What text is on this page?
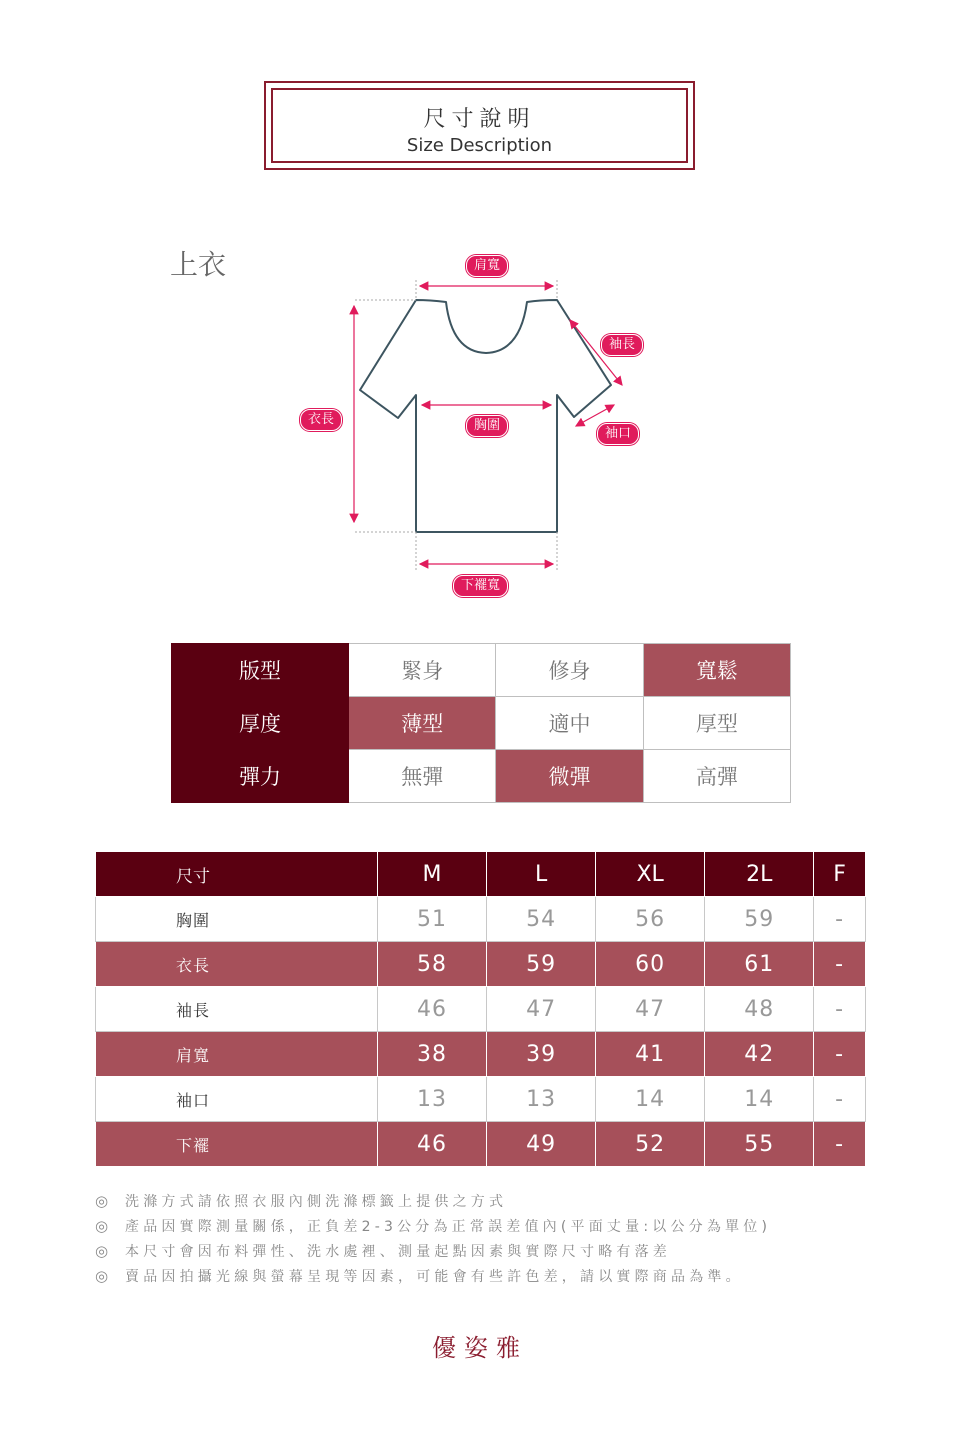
尺寸說明
Size Description
上衣	肩寬
袖長
袖口
衣長	胸圍
下襬寬
版型	緊身	修身	寬鬆
厚度	薄型	適中	厚型
彈力	無彈	微彈	高彈
尺寸	M	L	XL	2L	F
胸圍	51	54	56	59	-
衣長	58	59	60	61	-
袖長	46	47	47	48	-
肩寬	38	39	41	42	-
袖口	13	13	14	14	-
下襬	46	49	52	55	-
◎ 洗滌方式請依照衣服內側洗滌標籤上提供之方式
◎ 產品因實際測量關係，正負差2-3公分為正常誤差值內(平面丈量:以公分為單位)
◎ 本尺寸會因布料彈性、洗水處裡、測量起點因素與實際尺寸略有落差
◎ 賣品因拍攝光線與螢幕呈現等因素，可能會有些許色差，請以實際商品為準。
優姿雅
